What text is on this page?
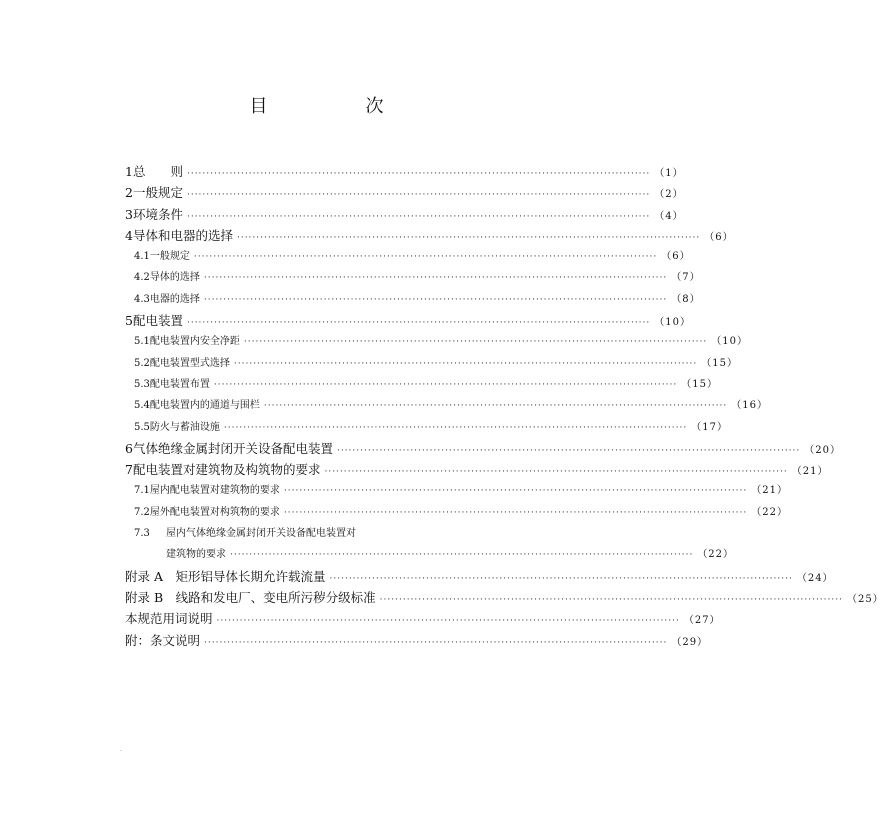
目　次
1 总　　则 ························································································································ （1）
2 一般规定 ························································································································ （2）
3 环境条件 ························································································································ （4）
4 导体和电器的选择 ························································································································ （6）
4.1 一般规定 ························································································································ （6）
4.2 导体的选择 ························································································································ （7）
4.3 电器的选择 ························································································································ （8）
5 配电装置 ························································································································ （10）
5.1 配电装置内安全净距 ························································································································ （10）
5.2 配电装置型式选择 ························································································································ （15）
5.3 配电装置布置 ························································································································ （15）
5.4 配电装置内的通道与围栏 ························································································································ （16）
5.5 防火与蓄油设施 ························································································································ （17）
6 气体绝缘金属封闭开关设备配电装置 ························································································································ （20）
7 配电装置对建筑物及构筑物的要求 ························································································································ （21）
7.1 屋内配电装置对建筑物的要求 ························································································································ （21）
7.2 屋外配电装置对构筑物的要求 ························································································································ （22）
7.3	屋内气体绝缘金属封闭开关设备配电装置对
建筑物的要求 ························································································································ （22）
附录 A　矩形铝导体长期允许载流量 ························································································································ （24）
附录 B　线路和发电厂、变电所污秽分级标准 ························································································································ （25）
本规范用词说明 ························································································································ （27）
附：条文说明 ························································································································ （29）
.
